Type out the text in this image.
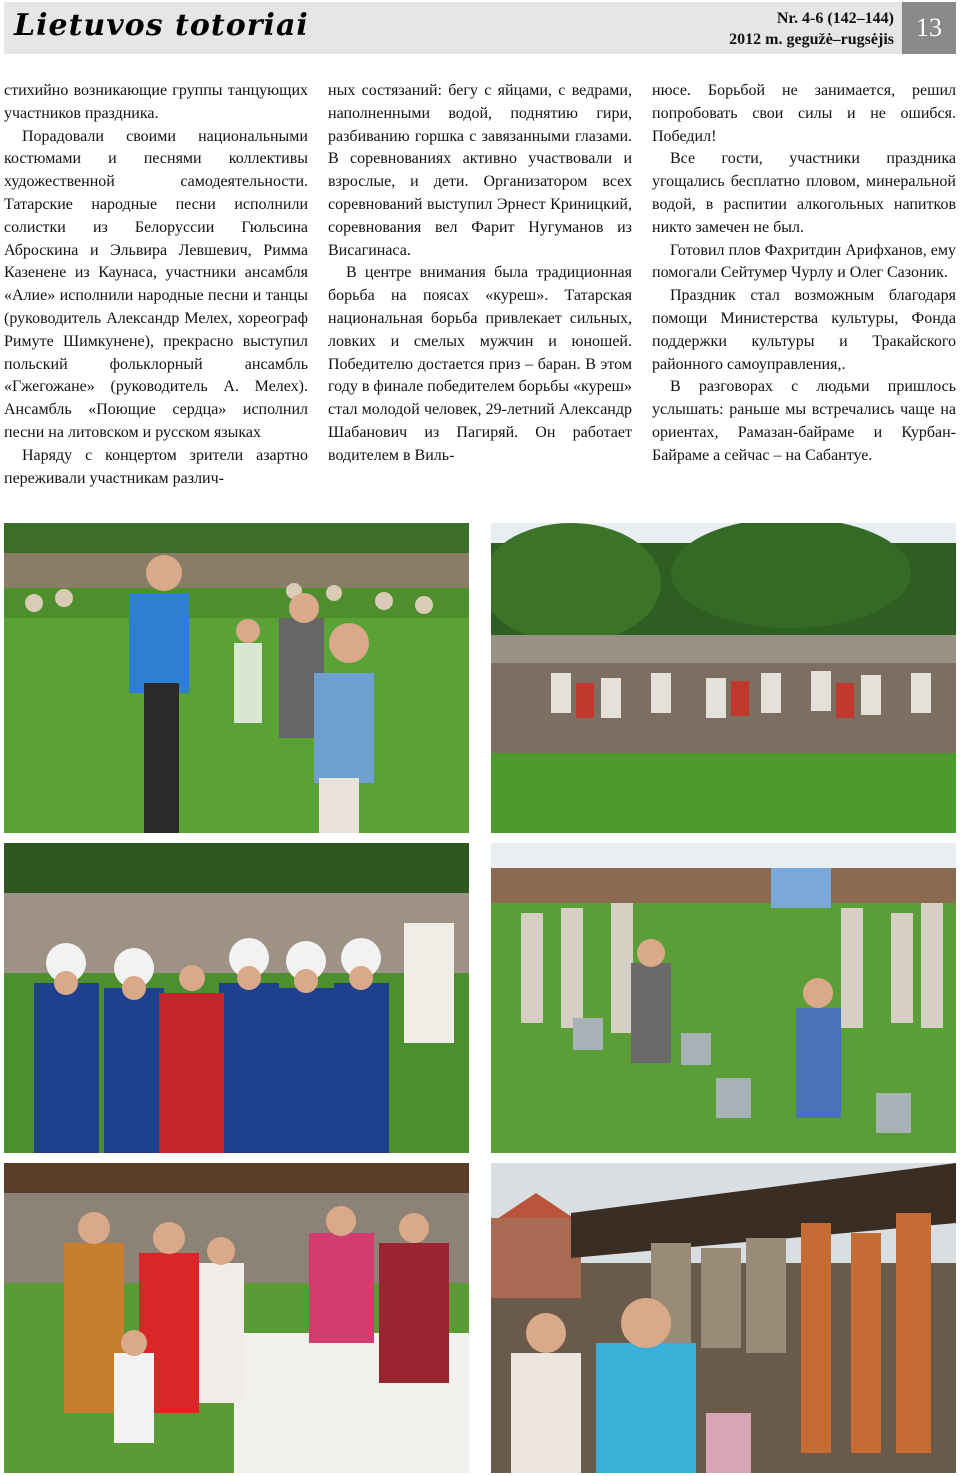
Lietuvos totoriai	Nr. 4-6 (142–144)
2012 m. gegužė–rugsėjis 13

стихийно возникающие группы танцующих участников праздника.

Порадовали своими национальными костюмами и песнями коллективы художественной самодеятельности. Татарские народные песни исполнили солистки из Белоруссии Гюльсина Аброскина и Эльвира Левшевич, Римма Казенене из Каунаса, участники ансамбля «Алие» исполнили народные песни и танцы (руководитель Александр Мелех, хореограф Римуте Шимкунене), прекрасно выступил польский фольклорный ансамбль «Гжегожане» (руководитель А. Мелех). Ансамбль «Поющие сердца» исполнил песни на литовском и русском языках

Наряду с концертом зрители азартно переживали участникам различ-

ных состязаний: бегу с яйцами, с ведрами, наполненными водой, поднятию гири, разбиванию горшка с завязанными глазами. В соревнованиях активно участвовали и взрослые, и дети. Организатором всех соревнований выступил Эрнест Криницкий, соревнования вел Фарит Нугуманов из Висагинаса.

В центре внимания была традиционная борьба на поясах «куреш». Татарская национальная борьба привлекает сильных, ловких и смелых мужчин и юношей. Победителю достается приз – баран. В этом году в финале победителем борьбы «куреш» стал молодой человек, 29-летний Александр Шабанович из Пагиряй. Он работает водителем в Виль-

нюсе. Борьбой не занимается, решил попробовать свои силы и не ошибся. Победил!

Все гости, участники праздника угощались бесплатно пловом, минеральной водой, в распитии алкогольных напитков никто замечен не был.

Готовил плов Фахритдин Арифханов, ему помогали Сейтумер Чурлу и Олег Сазоник.

Праздник стал возможным благодаря помощи Министерства культуры, Фонда поддержки культуры и Тракайского районного самоуправления,.

В разговорах с людьми пришлось услышать: раньше мы встречались чаще на ориентах, Рамазан-байраме и Курбан-Байраме а сейчас – на Сабантуе.
